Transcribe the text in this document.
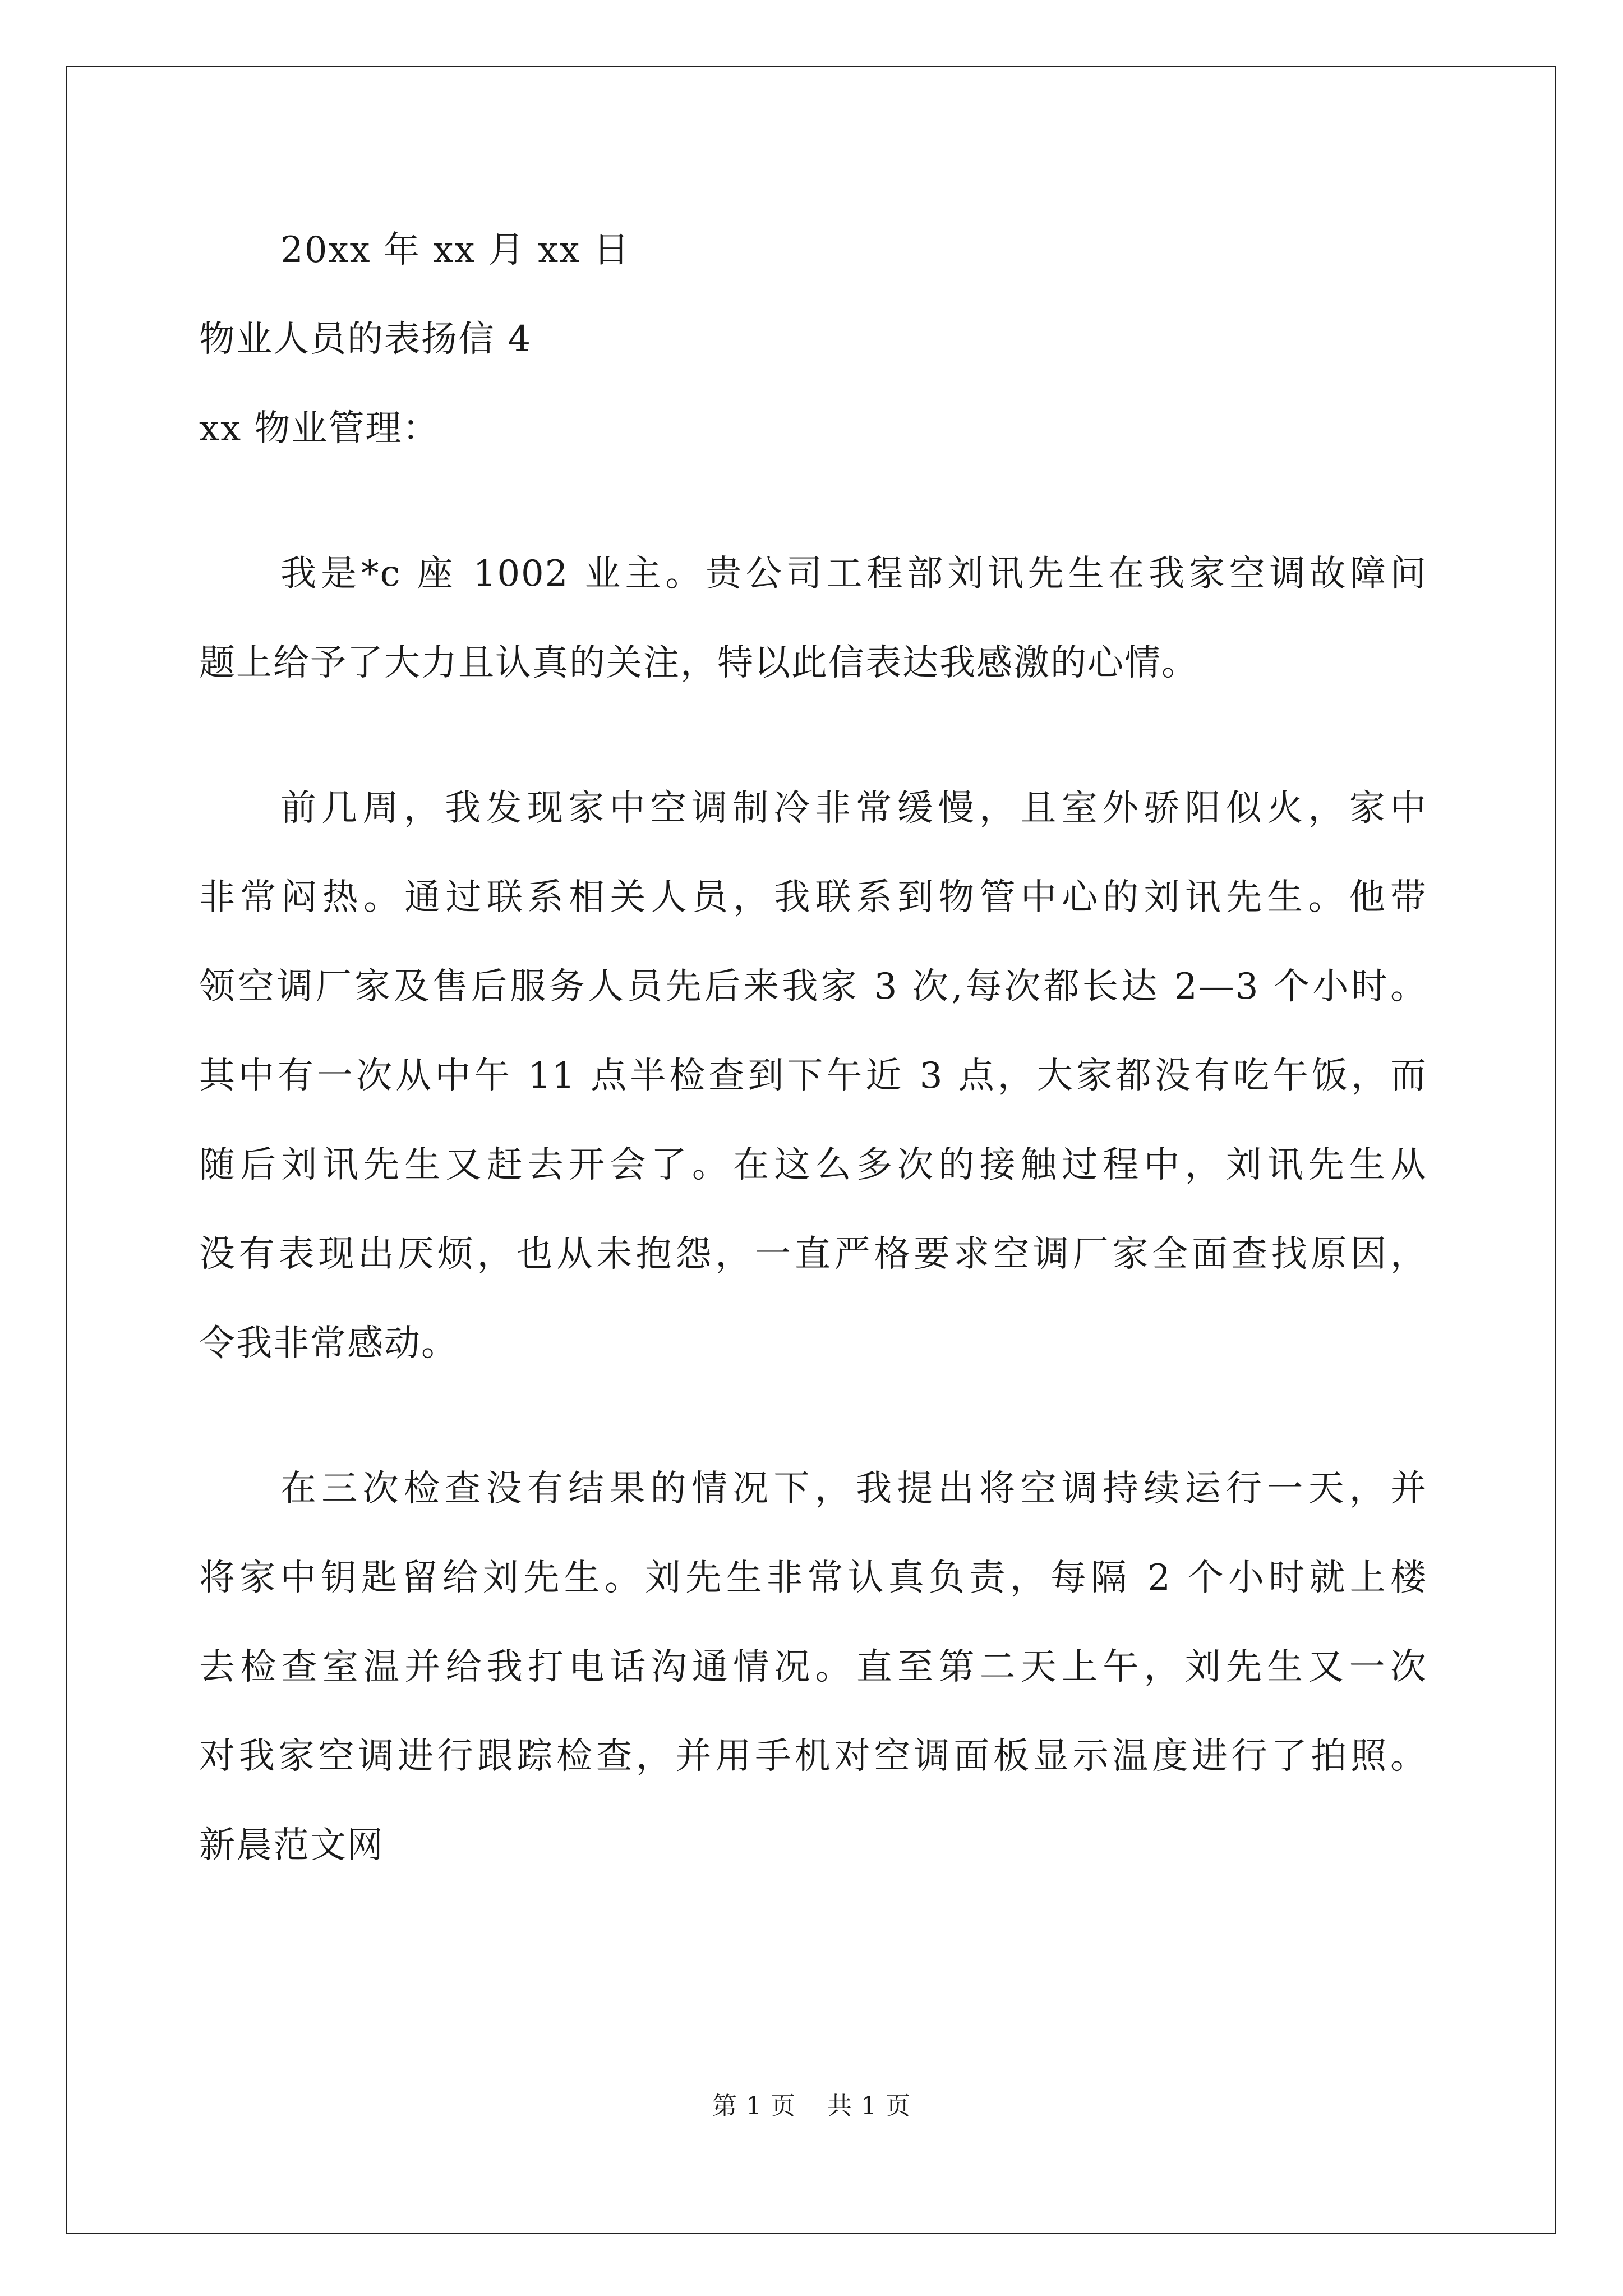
20xx 年 xx 月 xx 日
物业人员的表扬信 4
xx 物业管理：
我是*c 座 1002 业主。贵公司工程部刘讯先生在我家空调故障问
题上给予了大力且认真的关注，特以此信表达我感激的心情。
前几周，我发现家中空调制冷非常缓慢，且室外骄阳似火，家中
非常闷热。通过联系相关人员，我联系到物管中心的刘讯先生。他带
领空调厂家及售后服务人员先后来我家 3 次,每次都长达 2—3 个小时。
其中有一次从中午 11 点半检查到下午近 3 点，大家都没有吃午饭，而
随后刘讯先生又赶去开会了。在这么多次的接触过程中，刘讯先生从
没有表现出厌烦，也从未抱怨，一直严格要求空调厂家全面查找原因，
令我非常感动。
在三次检查没有结果的情况下，我提出将空调持续运行一天，并
将家中钥匙留给刘先生。刘先生非常认真负责，每隔 2 个小时就上楼
去检查室温并给我打电话沟通情况。直至第二天上午，刘先生又一次
对我家空调进行跟踪检查，并用手机对空调面板显示温度进行了拍照。
新晨范文网
第 1 页 共 1 页
